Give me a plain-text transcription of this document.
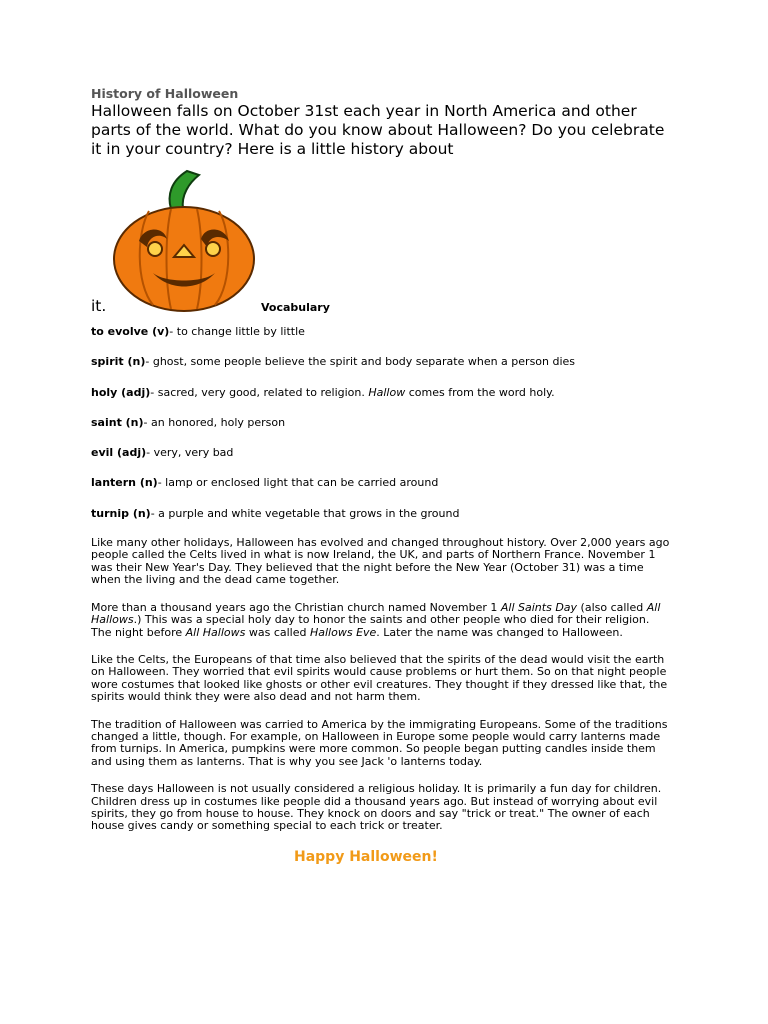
History of Halloween

Halloween falls on October 31st each year in North America and other parts of the world. What do you know about Halloween? Do you celebrate it in your country? Here is a little history about

it.	Vocabulary
to evolve (v)- to change little by little
spirit (n)- ghost, some people believe the spirit and body separate when a person dies
holy (adj)- sacred, very good, related to religion. Hallow comes from the word holy.
saint (n)- an honored, holy person
evil (adj)- very, very bad
lantern (n)- lamp or enclosed light that can be carried around
turnip (n)- a purple and white vegetable that grows in the ground

Like many other holidays, Halloween has evolved and changed throughout history. Over 2,000 years ago people called the Celts lived in what is now Ireland, the UK, and parts of Northern France. November 1 was their New Year's Day. They believed that the night before the New Year (October 31) was a time when the living and the dead came together.

More than a thousand years ago the Christian church named November 1 All Saints Day (also called All Hallows.) This was a special holy day to honor the saints and other people who died for their religion. The night before All Hallows was called Hallows Eve. Later the name was changed to Halloween.

Like the Celts, the Europeans of that time also believed that the spirits of the dead would visit the earth on Halloween. They worried that evil spirits would cause problems or hurt them. So on that night people wore costumes that looked like ghosts or other evil creatures. They thought if they dressed like that, the spirits would think they were also dead and not harm them.

The tradition of Halloween was carried to America by the immigrating Europeans. Some of the traditions changed a little, though. For example, on Halloween in Europe some people would carry lanterns made from turnips. In America, pumpkins were more common. So people began putting candles inside them and using them as lanterns. That is why you see Jack 'o lanterns today.

These days Halloween is not usually considered a religious holiday. It is primarily a fun day for children. Children dress up in costumes like people did a thousand years ago. But instead of worrying about evil spirits, they go from house to house. They knock on doors and say "trick or treat." The owner of each house gives candy or something special to each trick or treater.

Happy Halloween!
